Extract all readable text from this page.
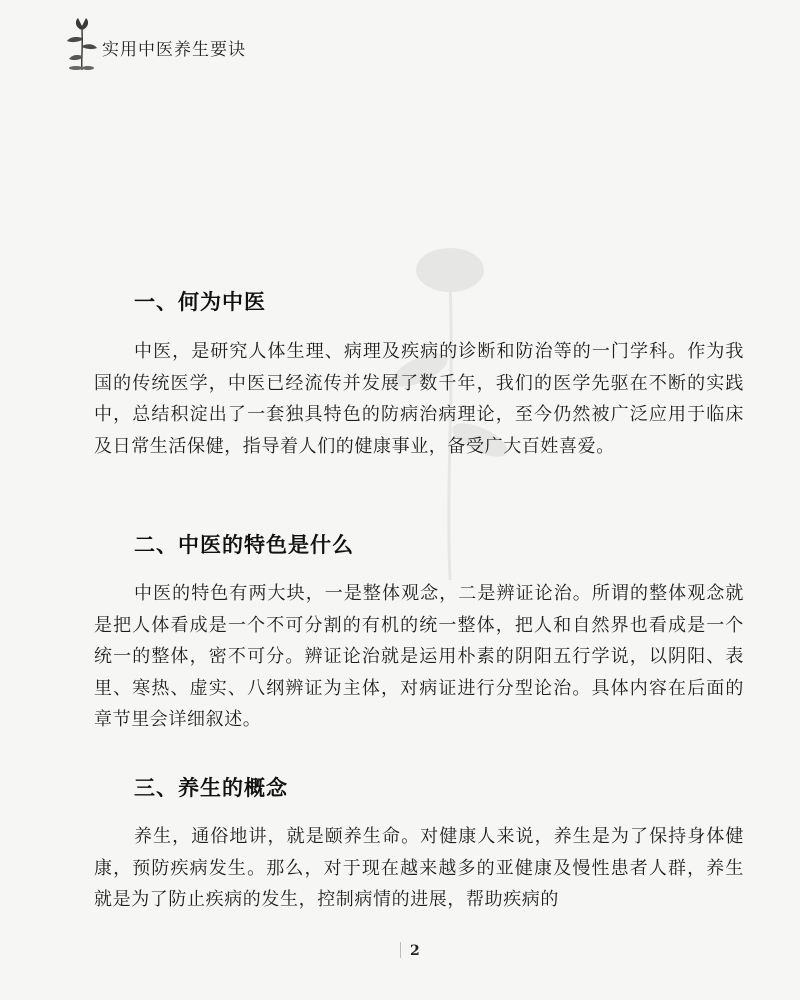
实用中医养生要诀
一、何为中医

中医，是研究人体生理、病理及疾病的诊断和防治等的一门学科。作为我国的传统医学，中医已经流传并发展了数千年，我们的医学先驱在不断的实践中，总结积淀出了一套独具特色的防病治病理论，至今仍然被广泛应用于临床及日常生活保健，指导着人们的健康事业，备受广大百姓喜爱。

二、中医的特色是什么

中医的特色有两大块，一是整体观念，二是辨证论治。所谓的整体观念就是把人体看成是一个不可分割的有机的统一整体，把人和自然界也看成是一个统一的整体，密不可分。辨证论治就是运用朴素的阴阳五行学说，以阴阳、表里、寒热、虚实、八纲辨证为主体，对病证进行分型论治。具体内容在后面的章节里会详细叙述。

三、养生的概念

养生，通俗地讲，就是颐养生命。对健康人来说，养生是为了保持身体健康，预防疾病发生。那么，对于现在越来越多的亚健康及慢性患者人群，养生就是为了防止疾病的发生，控制病情的进展，帮助疾病的

2
